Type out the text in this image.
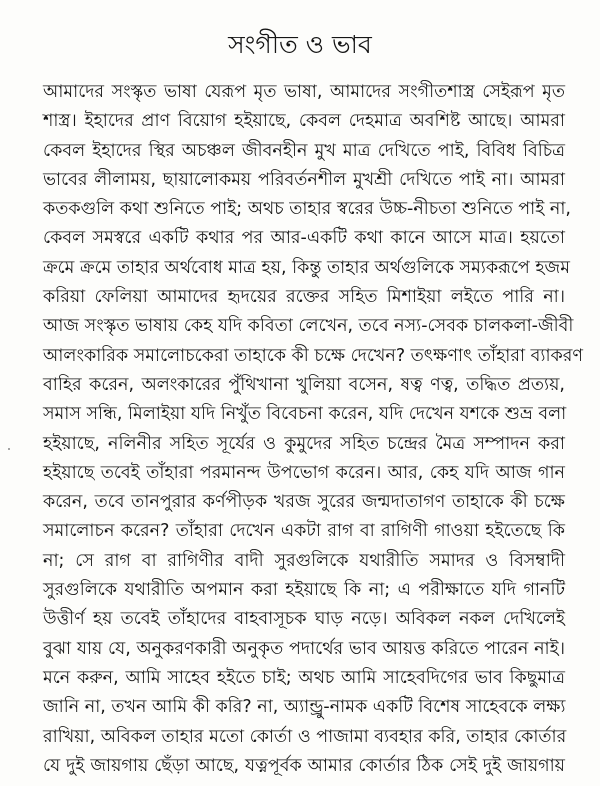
সংগীত ও ভাব
আমাদের সংস্কৃত ভাষা যেরূপ মৃত ভাষা, আমাদের সংগীতশাস্ত্র সেইরূপ মৃত
শাস্ত্র। ইহাদের প্রাণ বিয়োগ হইয়াছে, কেবল দেহমাত্র অবশিষ্ট আছে। আমরা
কেবল ইহাদের স্থির অচঞ্চল জীবনহীন মুখ মাত্র দেখিতে পাই, বিবিধ বিচিত্র
ভাবের লীলাময়, ছায়ালোকময় পরিবর্তনশীল মুখশ্রী দেখিতে পাই না। আমরা
কতকগুলি কথা শুনিতে পাই; অথচ তাহার স্বরের উচ্চ-নীচতা শুনিতে পাই না,
কেবল সমস্বরে একটি কথার পর আর-একটি কথা কানে আসে মাত্র। হয়তো
ক্রমে ক্রমে তাহার অর্থবোধ মাত্র হয়, কিন্তু তাহার অর্থগুলিকে সম্যকরূপে হজম
করিয়া ফেলিয়া আমাদের হৃদয়ের রক্তের সহিত মিশাইয়া লইতে পারি না।
আজ সংস্কৃত ভাষায় কেহ যদি কবিতা লেখেন, তবে নস্য-সেবক চালকলা-জীবী
আলংকারিক সমালোচকেরা তাহাকে কী চক্ষে দেখেন? তৎক্ষণাৎ তাঁহারা ব্যাকরণ
বাহির করেন, অলংকারের পুঁথিখানা খুলিয়া বসেন, ষত্ব ণত্ব, তদ্ধিত প্রত্যয়,
সমাস সন্ধি, মিলাইয়া যদি নিখুঁত বিবেচনা করেন, যদি দেখেন যশকে শুভ্র বলা
হইয়াছে, নলিনীর সহিত সূর্যের ও কুমুদের সহিত চন্দ্রের মৈত্র সম্পাদন করা
হইয়াছে তবেই তাঁহারা পরমানন্দ উপভোগ করেন। আর, কেহ যদি আজ গান
করেন, তবে তানপুরার কর্ণপীড়ক খরজ সুরের জন্মদাতাগণ তাহাকে কী চক্ষে
সমালোচন করেন? তাঁহারা দেখেন একটা রাগ বা রাগিণী গাওয়া হইতেছে কি
না; সে রাগ বা রাগিণীর বাদী সুরগুলিকে যথারীতি সমাদর ও বিসম্বাদী
সুরগুলিকে যথারীতি অপমান করা হইয়াছে কি না; এ পরীক্ষাতে যদি গানটি
উত্তীর্ণ হয় তবেই তাঁহাদের বাহবাসূচক ঘাড় নড়ে। অবিকল নকল দেখিলেই
বুঝা যায় যে, অনুকরণকারী অনুকৃত পদার্থের ভাব আয়ত্ত করিতে পারেন নাই।
মনে করুন, আমি সাহেব হইতে চাই; অথচ আমি সাহেবদিগের ভাব কিছুমাত্র
জানি না, তখন আমি কী করি? না, অ্যান্ড্রু-নামক একটি বিশেষ সাহেবকে লক্ষ্য
রাখিয়া, অবিকল তাহার মতো কোর্তা ও পাজামা ব্যবহার করি, তাহার কোর্তার
যে দুই জায়গায় ছেঁড়া আছে, যত্নপূর্বক আমার কোর্তার ঠিক সেই দুই জায়গায়
